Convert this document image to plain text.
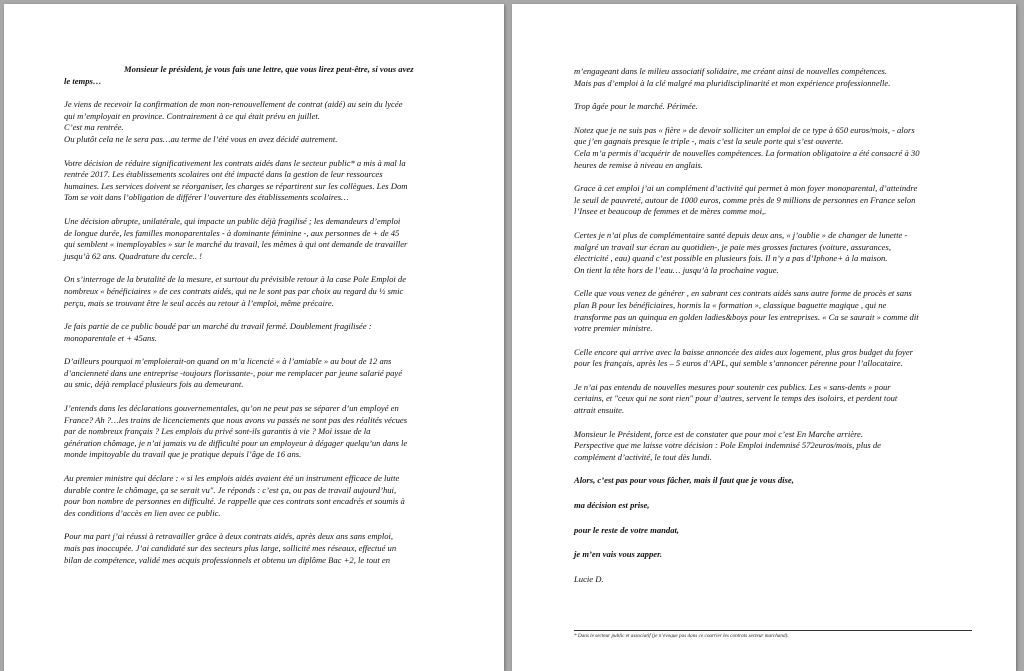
Monsieur le président, je vous fais une lettre, que vous lirez peut-être, si vous avez
le temps…

Je viens de recevoir la confirmation de mon non-renouvellement de contrat (aidé) au sein du lycée
qui m’employait en province. Contrairement à ce qui était prévu en juillet.
C’est ma rentrée.
Ou plutôt cela ne le sera pas…au terme de l’été vous en avez décidé autrement.

Votre décision de réduire significativement les contrats aidés dans le secteur public* a mis à mal la
rentrée 2017. Les établissements scolaires ont été impacté dans la gestion de leur ressources
humaines. Les services doivent se réorganiser, les charges se répartirent sur les collègues. Les Dom
Tom se voit dans l’obligation de différer l’ouverture des établissements scolaires…

Une décision abrupte, unilatérale, qui impacte un public déjà fragilisé ; les demandeurs d’emploi
de longue durée, les familles monoparentales - à dominante féminine -, aux personnes de + de 45
qui semblent « inemployables » sur le marché du travail, les mêmes à qui ont demande de travailler
jusqu’à 62 ans. Quadrature du cercle.. !

On s’interroge de la brutalité de la mesure, et surtout du prévisible retour à la case Pole Emploi de
nombreux « bénéficiaires » de ces contrats aidés, qui ne le sont pas par choix au regard du ½ smic
perçu, mais se trouvant être le seul accès au retour à l’emploi, même précaire.

Je fais partie de ce public boudé par un marché du travail fermé. Doublement fragilisée :
monoparentale et + 45ans.

D’ailleurs pourquoi m’emploierait-on quand on m’a licencié « à l’amiable » au bout de 12 ans
d’ancienneté dans une entreprise -toujours florissante-, pour me remplacer par jeune salarié payé
au smic, déjà remplacé plusieurs fois au demeurant.

J’entends dans les déclarations gouvernementales, qu’on ne peut pas se séparer d’un employé en
France? Ah ?…les trains de licenciements que nous avons vu passés ne sont pas des réalités vécues
par de nombreux français ? Les emplois du privé sont-ils garantis à vie ? Moi issue de la
génération chômage, je n’ai jamais vu de difficulté pour un employeur à dégager quelqu’un dans le
monde impitoyable du travail que je pratique depuis l’âge de 16 ans.

Au premier ministre qui déclare : « si les emplois aidés avaient été un instrument efficace de lutte
durable contre le chômage, ça se serait vu". Je réponds : c’est ça, ou pas de travail aujourd’hui,
pour bon nombre de personnes en difficulté. Je rappelle que ces contrats sont encadrés et soumis à
des conditions d’accès en lien avec ce public.

Pour ma part j’ai réussi à retravailler grâce à deux contrats aidés, après deux ans sans emploi,
mais pas inoccupée. J’ai candidaté sur des secteurs plus large, sollicité mes réseaux, effectué un
bilan de compétence, validé mes acquis professionnels et obtenu un diplôme Bac +2, le tout en

m’engageant dans le milieu associatif solidaire, me créant ainsi de nouvelles compétences.
Mais pas d’emploi à la clé malgré ma pluridisciplinarité et mon expérience professionnelle.

Trop âgée pour le marché. Périmée.

Notez que je ne suis pas « fière » de devoir solliciter un emploi de ce type à 650 euros/mois, - alors
que j’en gagnais presque le triple -, mais c’est la seule porte qui s’est ouverte.
Cela m’a permis d’acquérir de nouvelles compétences. La formation obligatoire a été consacré à 30
heures de remise à niveau en anglais.

Grace à cet emploi j’ai un complément d’activité qui permet à mon foyer monoparental, d’atteindre
le seuil de pauvreté, autour de 1000 euros, comme près de 9 millions de personnes en France selon
l’Insee et beaucoup de femmes et de mères comme moi,.

Certes je n’ai plus de complémentaire santé depuis deux ans, « j’oublie » de changer de lunette -
malgré un travail sur écran au quotidien-, je paie mes grosses factures (voiture, assurances,
électricité , eau) quand c’est possible en plusieurs fois. Il n’y a pas d’Iphone+ à la maison.
On tient la tête hors de l’eau… jusqu’à la prochaine vague.

Celle que vous venez de générer , en sabrant ces contrats aidés sans autre forme de procès et sans
plan B pour les bénéficiaires, hormis la « formation », classique baguette magique , qui ne
transforme pas un quinqua en golden ladies&boys pour les entreprises. « Ca se saurait » comme dit
votre premier ministre.

Celle encore qui arrive avec la baisse annoncée des aides aux logement, plus gros budget du foyer
pour les français, après les – 5 euros d’APL, qui semble s’annoncer pérenne pour l’allocataire.

Je n’ai pas entendu de nouvelles mesures pour soutenir ces publics. Les « sans-dents » pour
certains, et "ceux qui ne sont rien" pour d’autres, servent le temps des isoloirs, et perdent tout
attrait ensuite.

Monsieur le Président, force est de constater que pour moi c’est En Marche arrière.
Perspective que me laisse votre décision : Pole Emploi indemnisé 572euros/mois, plus de
complément d’activité, le tout dès lundi.

Alors, c’est pas pour vous fâcher, mais il faut que je vous dise,

ma décision est prise,

pour le reste de votre mandat,

je m’en vais vous zapper.

Lucie D.

* Dans le secteur public et associatif (je n’évoque pas dans ce courrier les contrats secteur marchand).
